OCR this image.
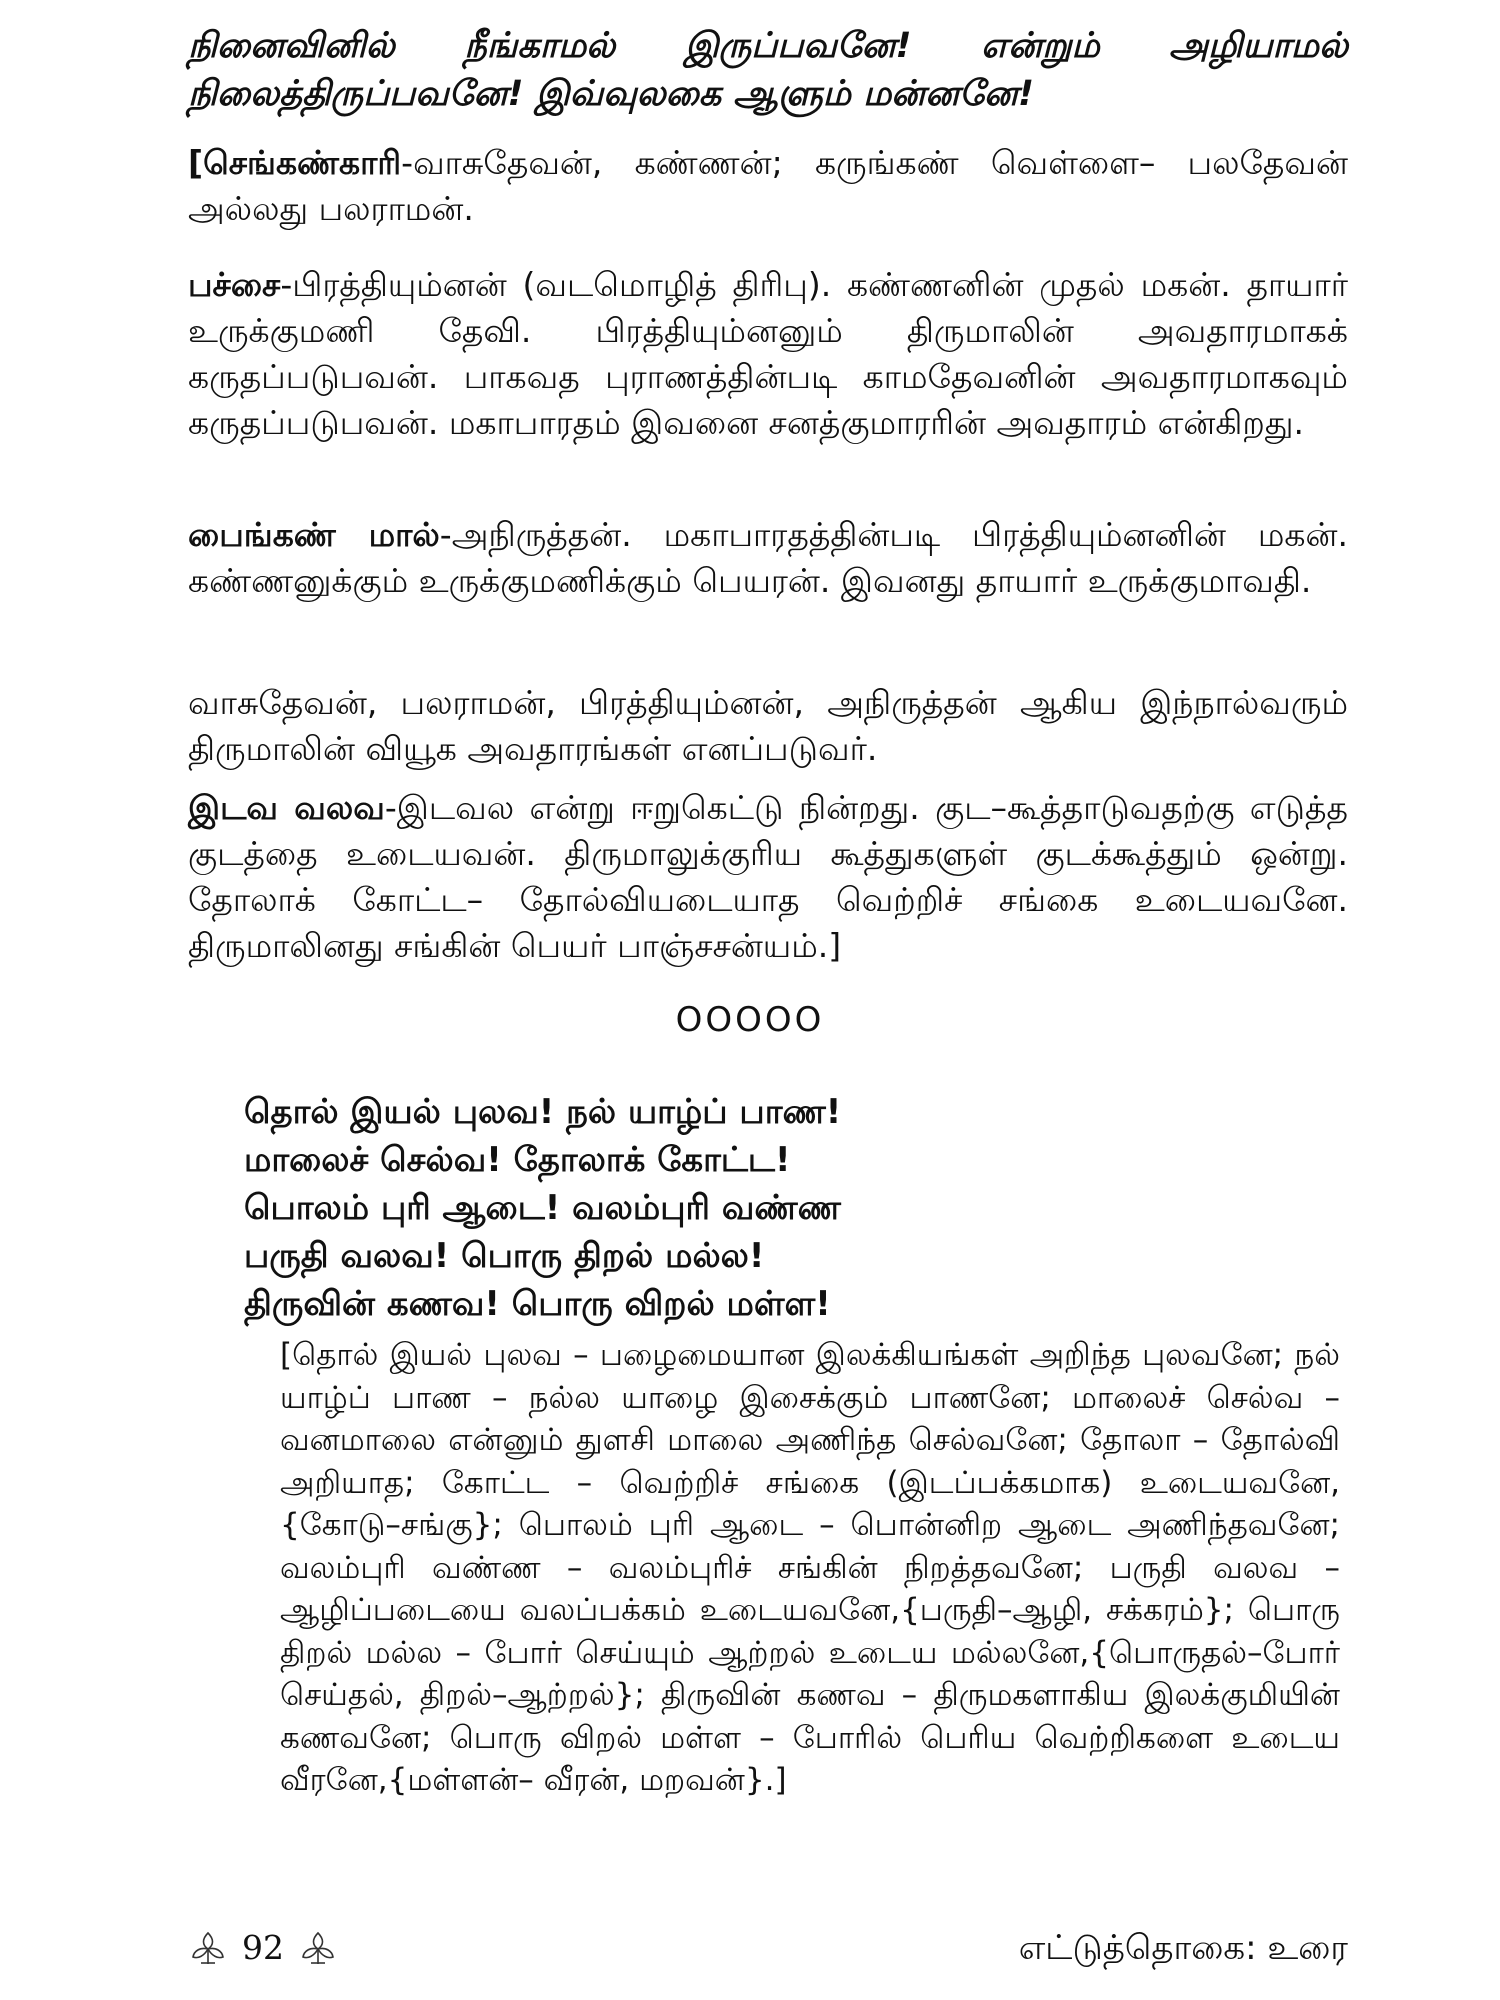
நினைவினில் நீங்காமல் இருப்பவனே! என்றும் அழியாமல் நிலைத்திருப்பவனே! இவ்வுலகை ஆளும் மன்னனே!

[செங்கண்காரி-வாசுதேவன், கண்ணன்; கருங்கண் வெள்ளை– பலதேவன் அல்லது பலராமன்.

பச்சை-பிரத்தியும்னன் (வடமொழித் திரிபு). கண்ணனின் முதல் மகன். தாயார் உருக்குமணி தேவி. பிரத்தியும்னனும் திருமாலின் அவதாரமாகக் கருதப்படுபவன். பாகவத புராணத்தின்படி காமதேவனின் அவதாரமாகவும் கருதப்படுபவன். மகாபாரதம் இவனை சனத்குமாரரின் அவதாரம் என்கிறது.

பைங்கண் மால்-அநிருத்தன். மகாபாரதத்தின்படி பிரத்தியும்னனின் மகன். கண்ணனுக்கும் உருக்குமணிக்கும் பெயரன். இவனது தாயார் உருக்குமாவதி.

வாசுதேவன், பலராமன், பிரத்தியும்னன், அநிருத்தன் ஆகிய இந்நால்வரும் திருமாலின் வியூக அவதாரங்கள் எனப்படுவர்.

இடவ வலவ-இடவல என்று ஈறுகெட்டு நின்றது. குட–கூத்தாடுவதற்கு எடுத்த குடத்தை உடையவன். திருமாலுக்குரிய கூத்துகளுள் குடக்கூத்தும் ஒன்று. தோலாக் கோட்ட– தோல்வியடையாத வெற்றிச் சங்கை உடையவனே. திருமாலினது சங்கின் பெயர் பாஞ்சசன்யம்.]

OOOOO
தொல் இயல் புலவ! நல் யாழ்ப் பாண!
மாலைச் செல்வ! தோலாக் கோட்ட!
பொலம் புரி ஆடை! வலம்புரி வண்ண
பருதி வலவ! பொரு திறல் மல்ல!
திருவின் கணவ! பொரு விறல் மள்ள!

[தொல் இயல் புலவ – பழைமையான இலக்கியங்கள் அறிந்த புலவனே; நல் யாழ்ப் பாண – நல்ல யாழை இசைக்கும் பாணனே; மாலைச் செல்வ – வனமாலை என்னும் துளசி மாலை அணிந்த செல்வனே; தோலா – தோல்வி அறியாத; கோட்ட – வெற்றிச் சங்கை (இடப்பக்கமாக) உடையவனே,{கோடு–சங்கு}; பொலம் புரி ஆடை – பொன்னிற ஆடை அணிந்தவனே; வலம்புரி வண்ண – வலம்புரிச் சங்கின் நிறத்தவனே; பருதி வலவ – ஆழிப்படையை வலப்பக்கம் உடையவனே,{பருதி–ஆழி, சக்கரம்}; பொரு திறல் மல்ல – போர் செய்யும் ஆற்றல் உடைய மல்லனே,{பொருதல்–போர் செய்தல், திறல்–ஆற்றல்}; திருவின் கணவ – திருமகளாகிய இலக்குமியின் கணவனே; பொரு விறல் மள்ள – போரில் பெரிய வெற்றிகளை உடைய வீரனே,{மள்ளன்– வீரன், மறவன்}.]

92	எட்டுத்தொகை: உரை
